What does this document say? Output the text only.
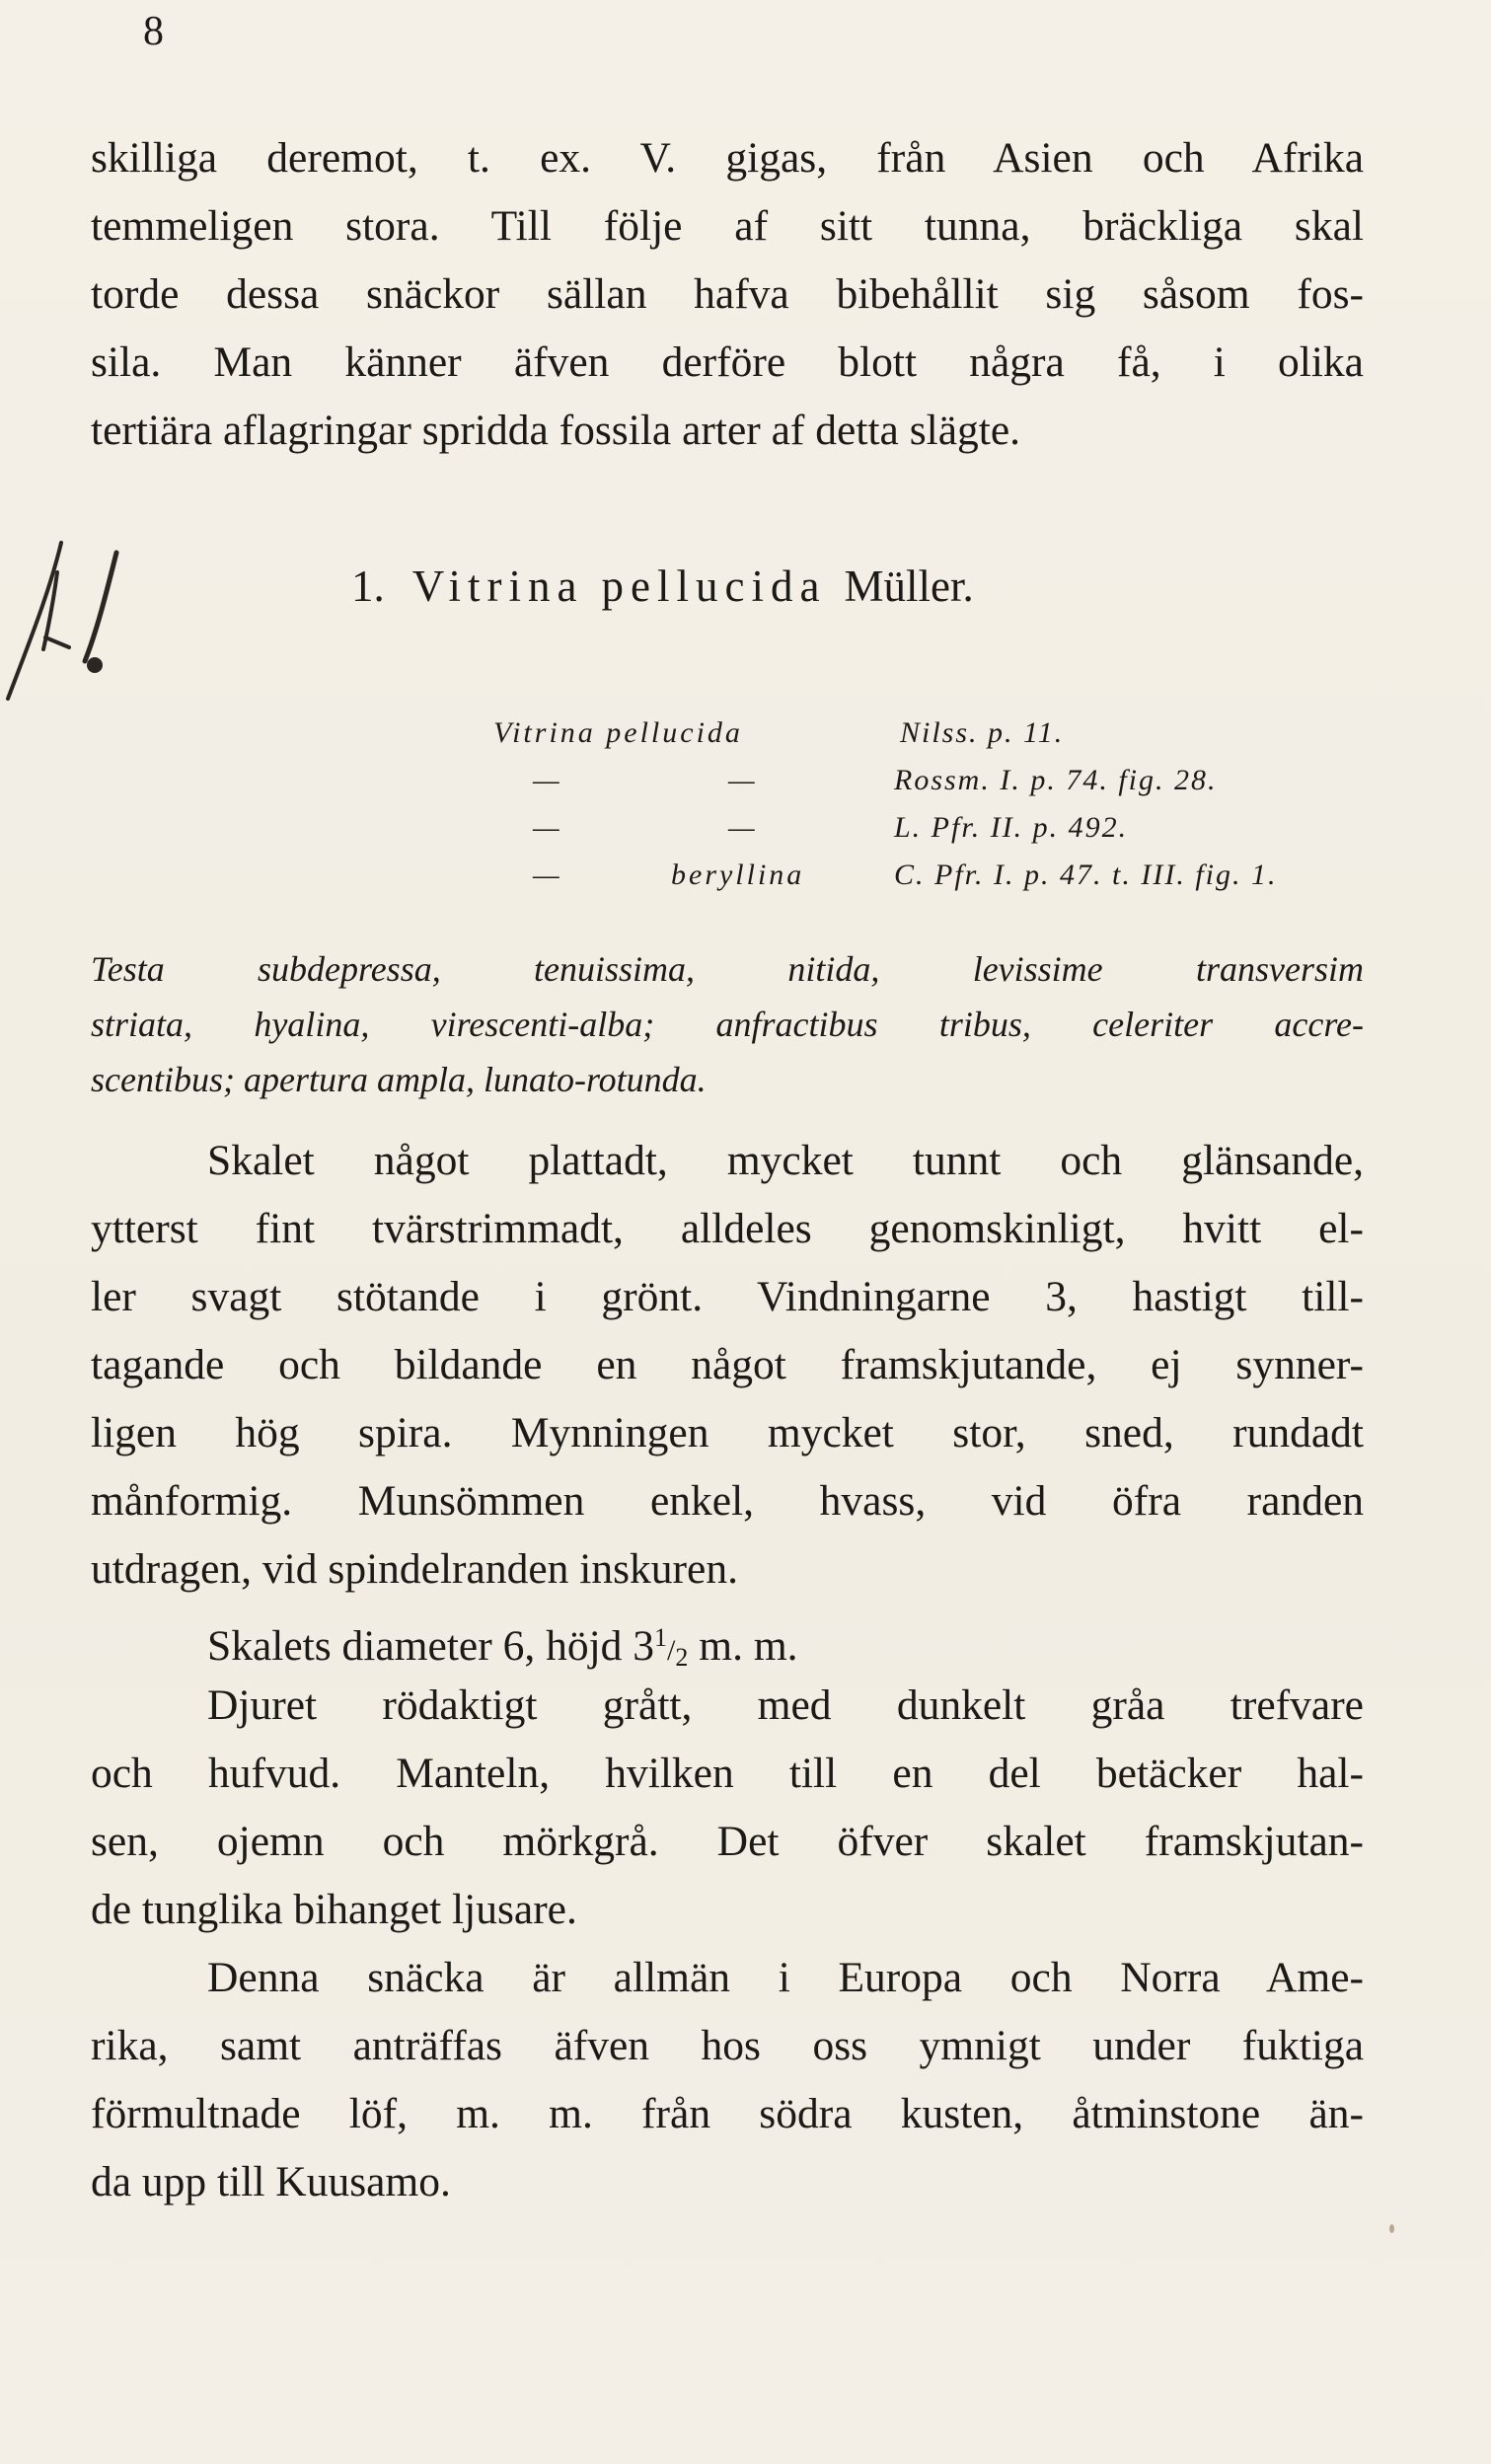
8
skilliga deremot, t. ex. V. gigas, från Asien och Afrika
temmeligen stora. Till följe af sitt tunna, bräckliga skal
torde dessa snäckor sällan hafva bibehållit sig såsom fos-
sila. Man känner äfven derföre blott några få, i olika
tertiära aflagringar spridda fossila arter af detta slägte.
1. Vitrina pellucida Müller.
Vitrina pellucida	Nilss. p. 11.
—	—	Rossm. I. p. 74. fig. 28.
—	—	L. Pfr. II. p. 492.
—	beryllina	C. Pfr. I. p. 47. t. III. fig. 1.
Testa subdepressa, tenuissima, nitida, levissime transversim
striata, hyalina, virescenti-alba; anfractibus tribus, celeriter accre-
scentibus; apertura ampla, lunato-rotunda.
Skalet något plattadt, mycket tunnt och glänsande,
ytterst fint tvärstrimmadt, alldeles genomskinligt, hvitt el-
ler svagt stötande i grönt. Vindningarne 3, hastigt till-
tagande och bildande en något framskjutande, ej synner-
ligen hög spira. Mynningen mycket stor, sned, rundadt
månformig. Munsömmen enkel, hvass, vid öfra randen
utdragen, vid spindelranden inskuren.
Skalets diameter 6, höjd $3^1/_2$ m. m.
Djuret rödaktigt grått, med dunkelt gråa trefvare
och hufvud. Manteln, hvilken till en del betäcker hal-
sen, ojemn och mörkgrå. Det öfver skalet framskjutan-
de tunglika bihanget ljusare.
Denna snäcka är allmän i Europa och Norra Ame-
rika, samt anträffas äfven hos oss ymnigt under fuktiga
förmultnade löf, m. m. från södra kusten, åtminstone än-
da upp till Kuusamo.
